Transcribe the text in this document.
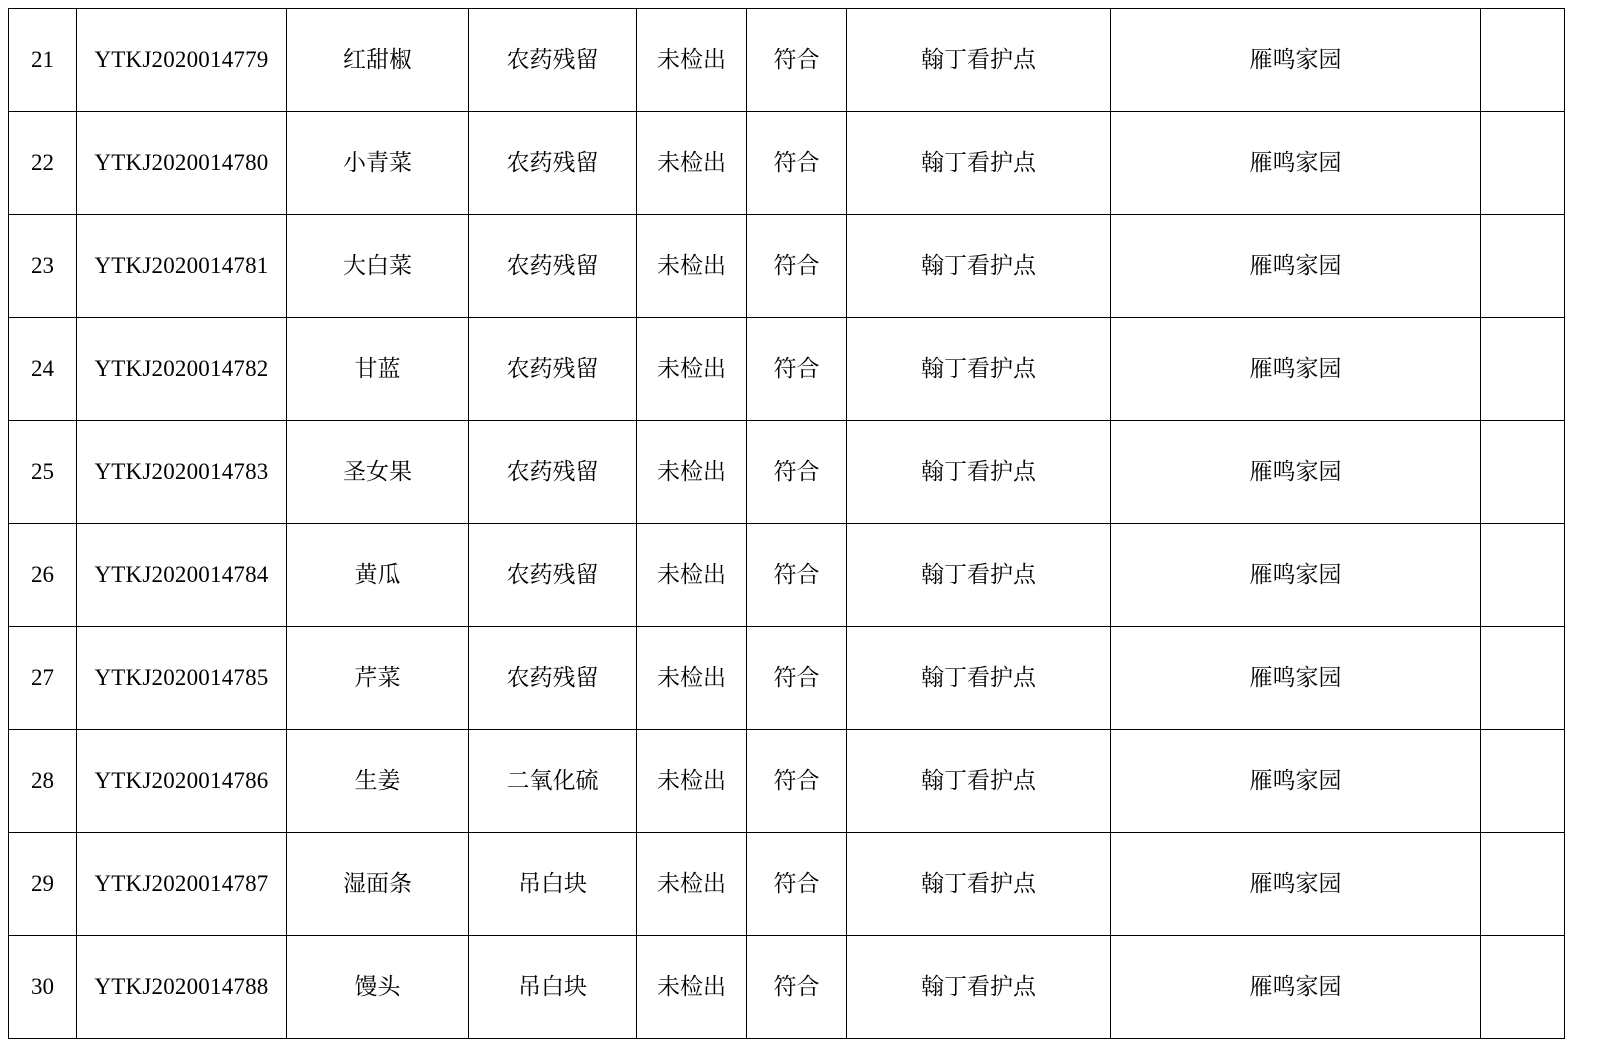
21	YTKJ2020014779	红甜椒	农药残留	未检出	符合	翰丁看护点	雁鸣家园	
22	YTKJ2020014780	小青菜	农药残留	未检出	符合	翰丁看护点	雁鸣家园	
23	YTKJ2020014781	大白菜	农药残留	未检出	符合	翰丁看护点	雁鸣家园	
24	YTKJ2020014782	甘蓝	农药残留	未检出	符合	翰丁看护点	雁鸣家园	
25	YTKJ2020014783	圣女果	农药残留	未检出	符合	翰丁看护点	雁鸣家园	
26	YTKJ2020014784	黄瓜	农药残留	未检出	符合	翰丁看护点	雁鸣家园	
27	YTKJ2020014785	芹菜	农药残留	未检出	符合	翰丁看护点	雁鸣家园	
28	YTKJ2020014786	生姜	二氧化硫	未检出	符合	翰丁看护点	雁鸣家园	
29	YTKJ2020014787	湿面条	吊白块	未检出	符合	翰丁看护点	雁鸣家园	
30	YTKJ2020014788	馒头	吊白块	未检出	符合	翰丁看护点	雁鸣家园	
